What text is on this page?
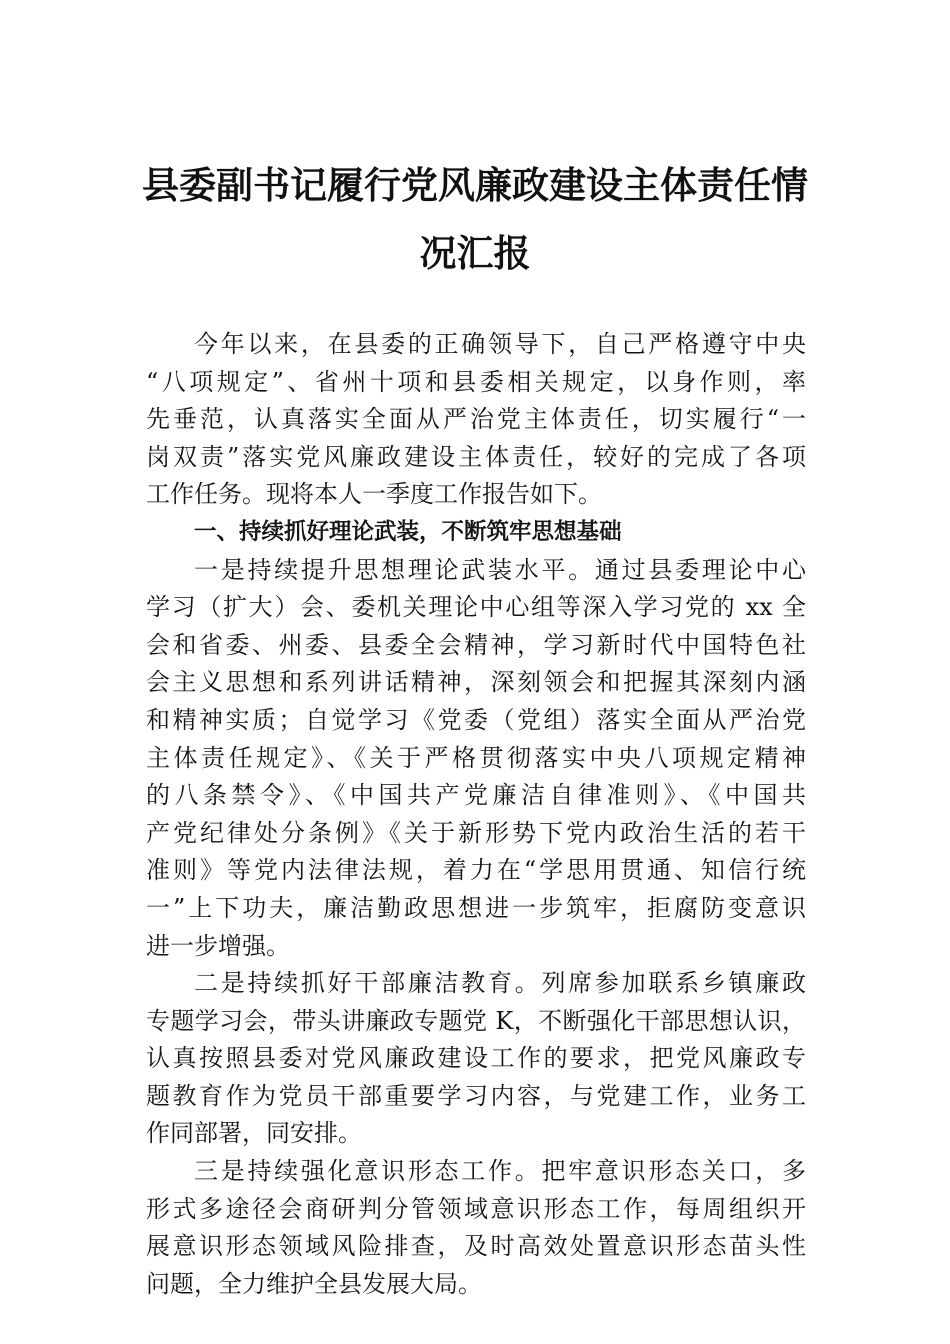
县委副书记履行党风廉政建设主体责任情
况汇报
今年以来，在县委的正确领导下，自己严格遵守中央
“八项规定”、省州十项和县委相关规定，以身作则，率
先垂范，认真落实全面从严治党主体责任，切实履行“一
岗双责”落实党风廉政建设主体责任，较好的完成了各项
工作任务。现将本人一季度工作报告如下。
一、持续抓好理论武装，不断筑牢思想基础
一是持续提升思想理论武装水平。通过县委理论中心
学习（扩大）会、委机关理论中心组等深入学习党的 xx 全
会和省委、州委、县委全会精神，学习新时代中国特色社
会主义思想和系列讲话精神，深刻领会和把握其深刻内涵
和精神实质；自觉学习《党委（党组）落实全面从严治党
主体责任规定》、《关于严格贯彻落实中央八项规定精神
的八条禁令》、《中国共产党廉洁自律准则》、《中国共
产党纪律处分条例》《关于新形势下党内政治生活的若干
准则》等党内法律法规，着力在“学思用贯通、知信行统
一”上下功夫，廉洁勤政思想进一步筑牢，拒腐防变意识
进一步增强。
二是持续抓好干部廉洁教育。列席参加联系乡镇廉政
专题学习会，带头讲廉政专题党 K，不断强化干部思想认识，
认真按照县委对党风廉政建设工作的要求，把党风廉政专
题教育作为党员干部重要学习内容，与党建工作，业务工
作同部署，同安排。
三是持续强化意识形态工作。把牢意识形态关口，多
形式多途径会商研判分管领域意识形态工作，每周组织开
展意识形态领域风险排查，及时高效处置意识形态苗头性
问题，全力维护全县发展大局。
